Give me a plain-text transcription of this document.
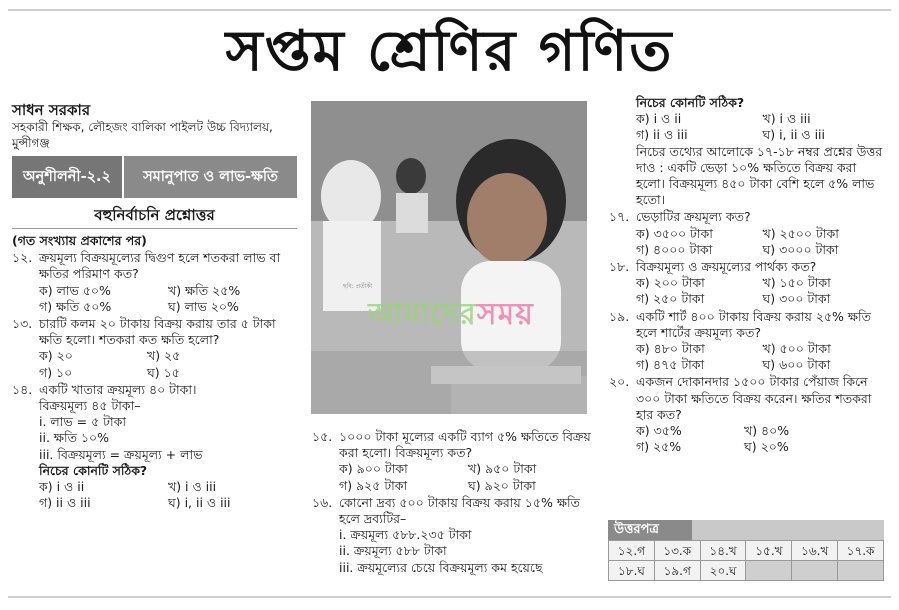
সপ্তম শ্রেণির গণিত
সাধন সরকার
সহকারী শিক্ষক, লৌহজং বালিকা পাইলট উচ্চ বিদ্যালয়, মুন্সীগঞ্জ
অনুশীলনী-২.২	সমানুপাত ও লাভ-ক্ষতি
বহুনির্বাচনি প্রশ্নোত্তর
(গত সংখ্যায় প্রকাশের পর)
১২. ক্রয়মূল্য বিক্রয়মূল্যের দ্বিগুণ হলে শতকরা লাভ বা ক্ষতির পরিমাণ কত?
ক) লাভ ৫০%	খ) ক্ষতি ২৫%
গ) ক্ষতি ৫০%	ঘ) লাভ ২০%
১৩. চারটি কলম ২০ টাকায় বিক্রয় করায় তার ৫ টাকা ক্ষতি হলো। শতকরা কত ক্ষতি হলো?
ক) ২০	খ) ২৫
গ) ১০	ঘ) ১৫
১৪. একটি খাতার ক্রয়মূল্য ৪০ টাকা।
বিক্রয়মূল্য ৪৫ টাকা–
i. লাভ = ৫ টাকা
ii. ক্ষতি ১০%
iii. বিক্রয়মূল্য = ক্রয়মূল্য + লাভ
নিচের কোনটি সঠিক?
ক) i ও ii	খ) i ও iii
গ) ii ও iii	ঘ) i, ii ও iii
ছবি: প্রতীকী
আমাদেরসময়
১৫. ১০০০ টাকা মূল্যের একটি ব্যাগ ৫% ক্ষতিতে বিক্রয় করা হলো। বিক্রয়মূল্য কত?
ক) ৯০০ টাকা	খ) ৯৫০ টাকা
গ) ৯২৫ টাকা	ঘ) ৯২০ টাকা
১৬. কোনো দ্রব্য ৫০০ টাকায় বিক্রয় করায় ১৫% ক্ষতি হলে দ্রব্যটির–
i. ক্রয়মূল্য ৫৮৮.২৩৫ টাকা
ii. ক্রয়মূল্য ৫৮৮ টাকা
iii. ক্রয়মূল্যের চেয়ে বিক্রয়মূল্য কম হয়েছে
নিচের কোনটি সঠিক?
ক) i ও ii	খ) i ও iii
গ) ii ও iii	ঘ) i, ii ও iii
নিচের তথ্যের আলোকে ১৭-১৮ নম্বর প্রশ্নের উত্তর দাও : একটি ভেড়া ১০% ক্ষতিতে বিক্রয় করা হলো। বিক্রয়মূল্য ৪৫০ টাকা বেশি হলে ৫% লাভ হতো।
১৭. ভেড়াটির ক্রয়মূল্য কত?
ক) ৩৫০০ টাকা	খ) ২৫০০ টাকা
গ) ৪০০০ টাকা	ঘ) ৩০০০ টাকা
১৮. বিক্রয়মূল্য ও ক্রয়মূল্যের পার্থক্য কত?
ক) ২০০ টাকা	খ) ১৫০ টাকা
গ) ২৫০ টাকা	ঘ) ৩০০ টাকা
১৯. একটি শার্ট ৪০০ টাকায় বিক্রয় করায় ২৫% ক্ষতি হলে শার্টের ক্রয়মূল্য কত?
ক) ৪৮০ টাকা	খ) ৫০০ টাকা
গ) ৪৭৫ টাকা	ঘ) ৬০০ টাকা
২০. একজন দোকানদার ১৫০০ টাকার পেঁয়াজ কিনে ৩০০ টাকা ক্ষতিতে বিক্রয় করেন। ক্ষতির শতকরা হার কত?
ক) ৩৫%	খ) ৪০%
গ) ২৫%	ঘ) ২০%
উত্তরপত্র
১২.গ	১৩.ক	১৪.খ	১৫.খ	১৬.খ	১৭.ক
১৮.ঘ	১৯.গ	২০.ঘ
